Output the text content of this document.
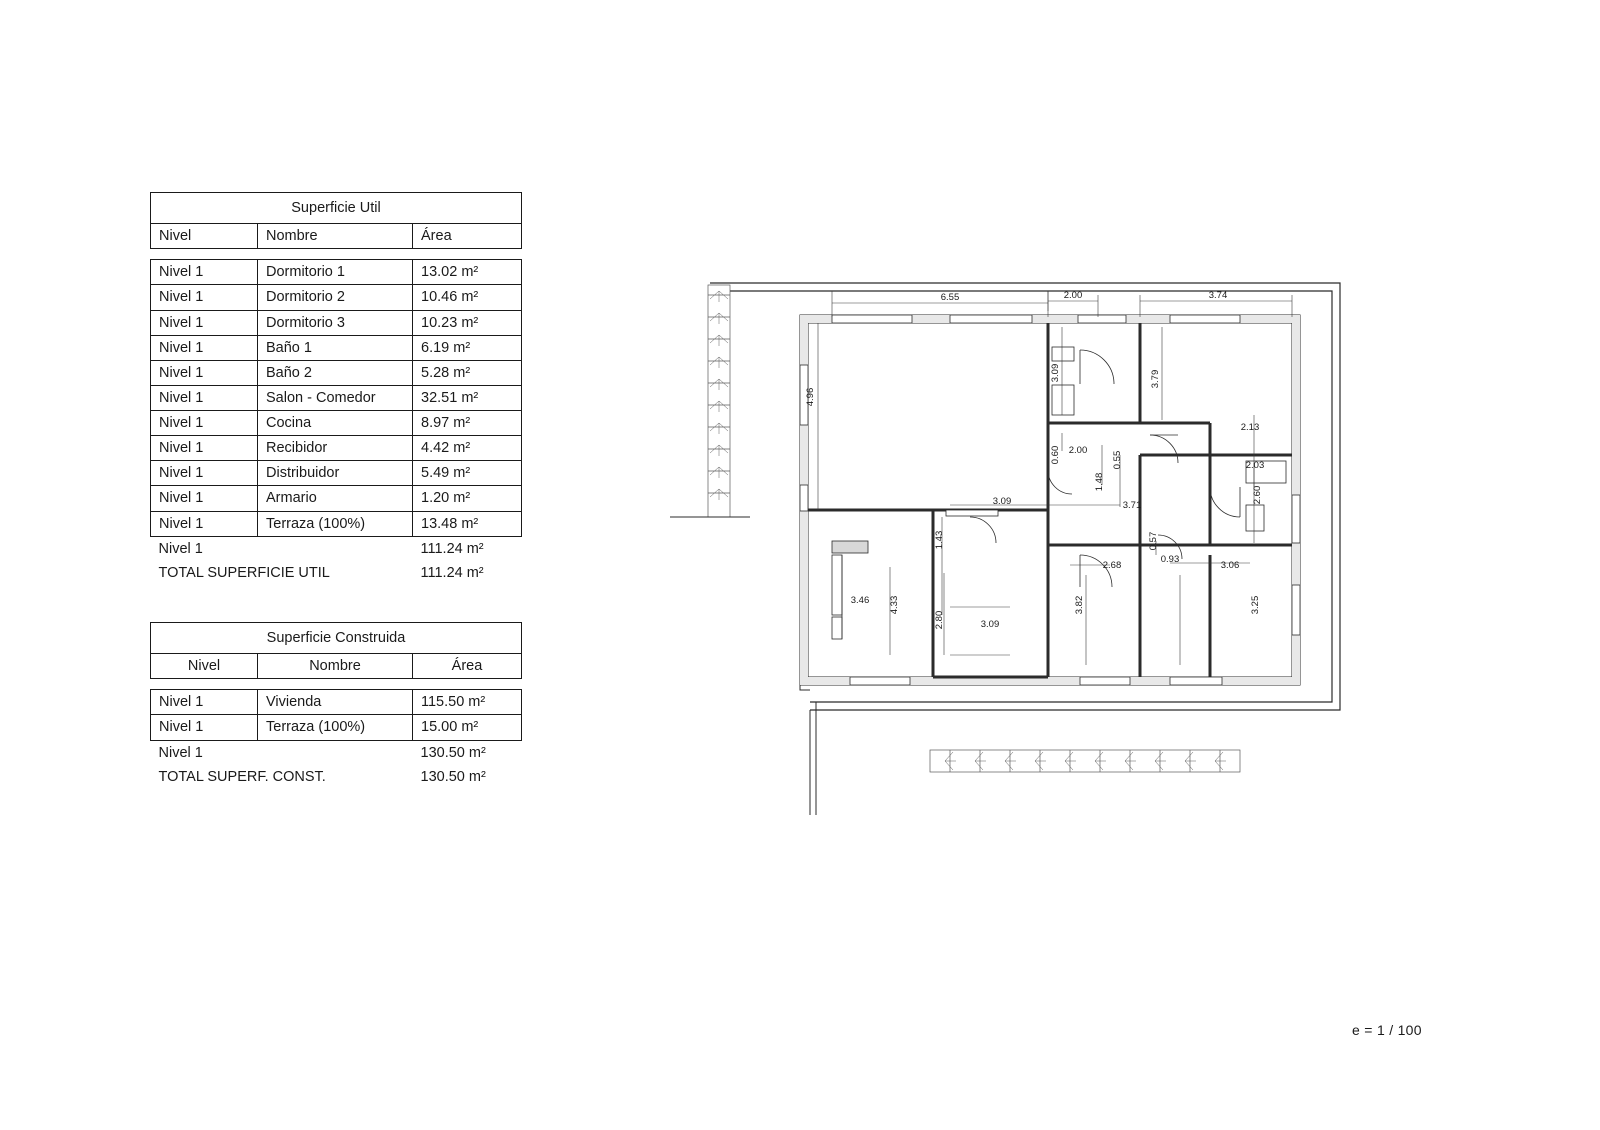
Superficie Util		
Nivel	Nombre	Área

Nivel 1	Dormitorio 1	13.02 m²
Nivel 1	Dormitorio 2	10.46 m²
Nivel 1	Dormitorio 3	10.23 m²
Nivel 1	Baño 1	6.19 m²
Nivel 1	Baño 2	5.28 m²
Nivel 1	Salon - Comedor	32.51 m²
Nivel 1	Cocina	8.97 m²
Nivel 1	Recibidor	4.42 m²
Nivel 1	Distribuidor	5.49 m²
Nivel 1	Armario	1.20 m²
Nivel 1	Terraza (100%)	13.48 m²
Nivel 1		111.24 m²
TOTAL SUPERFICIE UTIL		111.24 m²
Superficie Construida		
Nivel	Nombre	Área

Nivel 1	Vivienda	115.50 m²
Nivel 1	Terraza (100%)	15.00 m²
Nivel 1		130.50 m²
TOTAL SUPERF. CONST.		130.50 m²
6.55	2.00	3.74
3.09	3.79
4.96
2.13
0.60 2.00
0.55	2.03
3.09
1.48
3.71
2.60
1.43	0.57
0.93
2.68	3.06
3.46 4.33	3.82	3.25
2.80	3.09
e = 1 / 100
